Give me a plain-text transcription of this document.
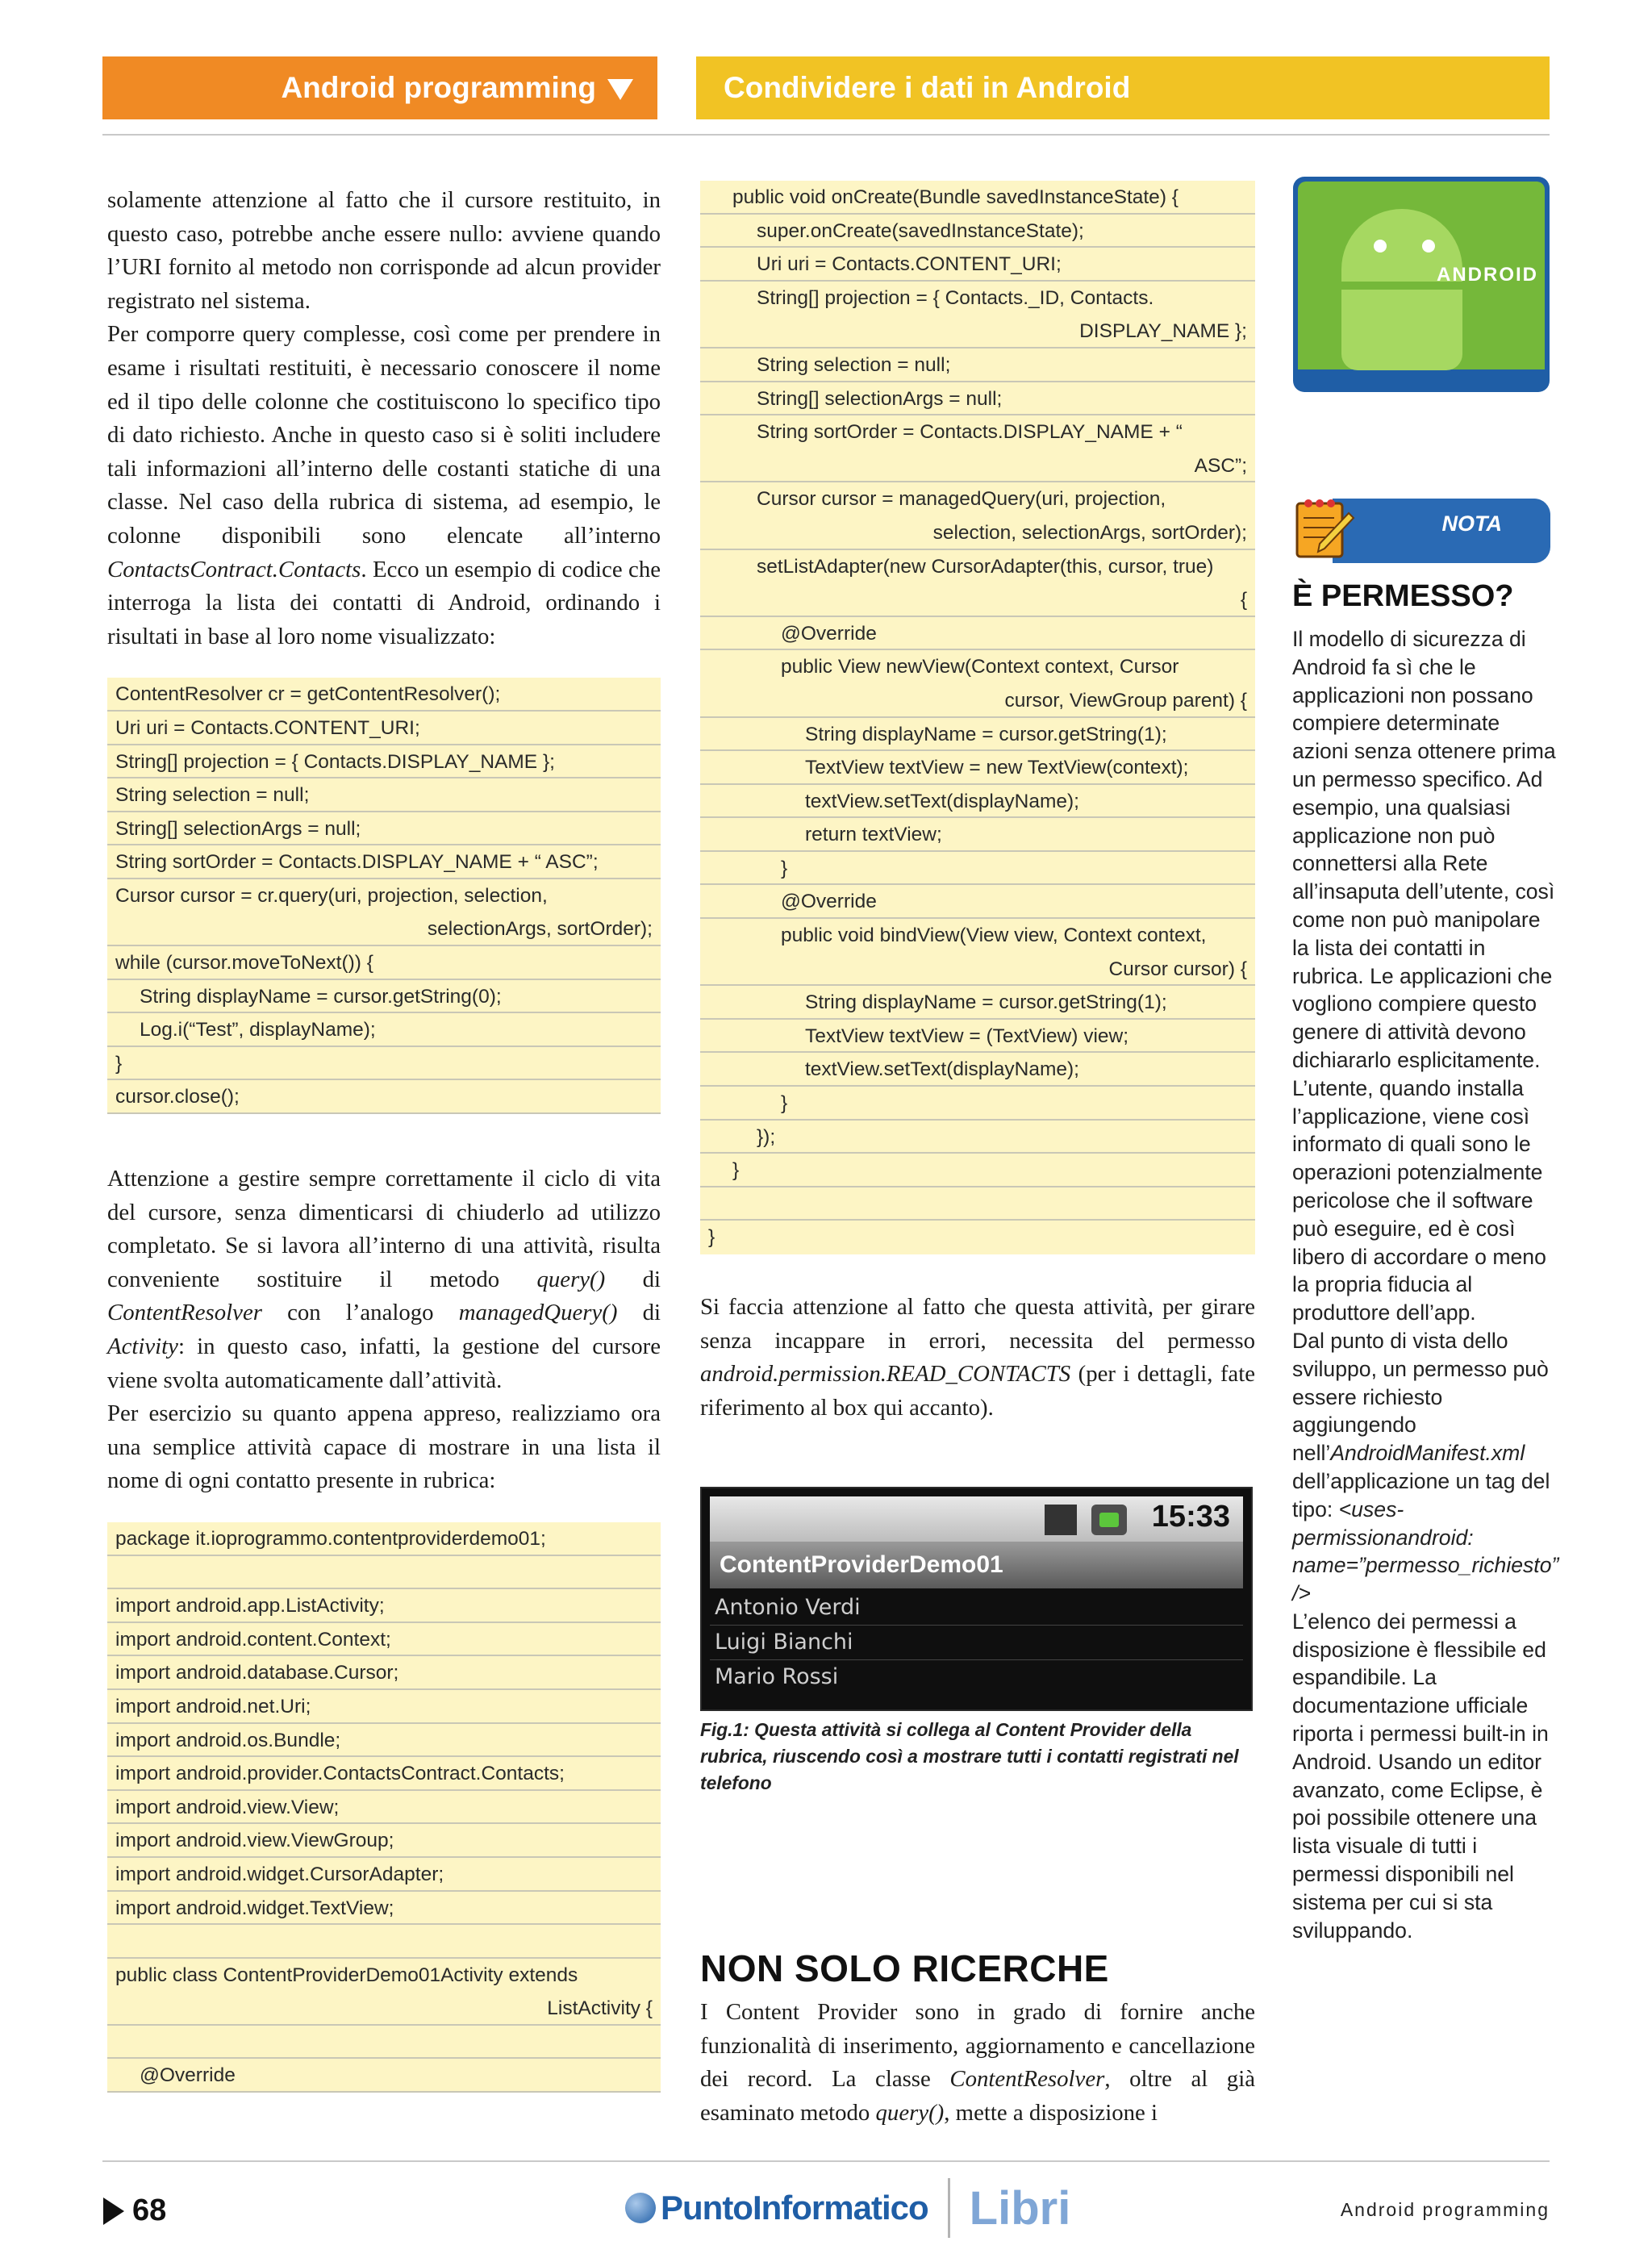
Android programming	Condividere i dati in Android

solamente attenzione al fatto che il cursore restituito, in questo caso, potrebbe anche essere nullo: avviene quando l’URI fornito al metodo non corrisponde ad alcun provider registrato nel sistema.

Per comporre query complesse, così come per prendere in esame i risultati restituiti, è necessario conoscere il nome ed il tipo delle colonne che costituiscono lo specifico tipo di dato richiesto. Anche in questo caso si è soliti includere tali informazioni all’interno delle costanti statiche di una classe. Nel caso della rubrica di sistema, ad esempio, le colonne disponibili sono elencate all’interno ContactsContract.Contacts. Ecco un esempio di codice che interroga la lista dei contatti di Android, ordinando i risultati in base al loro nome visualizzato:

ContentResolver cr = getContentResolver();
Uri uri = Contacts.CONTENT_URI;
String[] projection = { Contacts.DISPLAY_NAME };
String selection = null;
String[] selectionArgs = null;
String sortOrder = Contacts.DISPLAY_NAME + “ ASC”;
Cursor cursor = cr.query(uri, projection, selection,
selectionArgs, sortOrder);
while (cursor.moveToNext()) {
String displayName = cursor.getString(0);
Log.i(“Test”, displayName);
}
cursor.close();

Attenzione a gestire sempre correttamente il ciclo di vita del cursore, senza dimenticarsi di chiuderlo ad utilizzo completato. Se si lavora all’interno di una attività, risulta conveniente sostituire il metodo query() di ContentResolver con l’analogo managedQuery() di Activity: in questo caso, infatti, la gestione del cursore viene svolta automaticamente dall’attività.

Per esercizio su quanto appena appreso, realizziamo ora una semplice attività capace di mostrare in una lista il nome di ogni contatto presente in rubrica:

package it.ioprogrammo.contentproviderdemo01;
import android.app.ListActivity;
import android.content.Context;
import android.database.Cursor;
import android.net.Uri;
import android.os.Bundle;
import android.provider.ContactsContract.Contacts;
import android.view.View;
import android.view.ViewGroup;
import android.widget.CursorAdapter;
import android.widget.TextView;
public class ContentProviderDemo01Activity extends
ListActivity {
@Override
public void onCreate(Bundle savedInstanceState) {
super.onCreate(savedInstanceState);
Uri uri = Contacts.CONTENT_URI;
String[] projection = { Contacts._ID, Contacts.
DISPLAY_NAME };
String selection = null;
String[] selectionArgs = null;
String sortOrder = Contacts.DISPLAY_NAME + “
ASC”;
Cursor cursor = managedQuery(uri, projection,
selection, selectionArgs, sortOrder);
setListAdapter(new CursorAdapter(this, cursor, true)
{
@Override
public View newView(Context context, Cursor
cursor, ViewGroup parent) {
String displayName = cursor.getString(1);
TextView textView = new TextView(context);
textView.setText(displayName);
return textView;
}
@Override
public void bindView(View view, Context context,
Cursor cursor) {
String displayName = cursor.getString(1);
TextView textView = (TextView) view;
textView.setText(displayName);
}
});
}
}

Si faccia attenzione al fatto che questa attività, per girare senza incappare in errori, necessita del permesso android.permission.READ_CONTACTS (per i dettagli, fate riferimento al box qui accanto).

15:33
ContentProviderDemo01
Antonio Verdi
Luigi Bianchi
Mario Rossi
Fig.1: Questa attività si collega al Content Provider della rubrica, riuscendo così a mostrare tutti i contatti registrati nel telefono
NON SOLO RICERCHE

I Content Provider sono in grado di fornire anche funzionalità di inserimento, aggiornamento e cancellazione dei record. La classe ContentResolver, oltre al già esaminato metodo query(), mette a disposizione i

ANDROID
NOTA
È PERMESSO?

Il modello di sicurezza di Android fa sì che le applicazioni non possano compiere determinate azioni senza ottenere prima un permesso specifico. Ad esempio, una qualsiasi applicazione non può connettersi alla Rete all’insaputa dell’utente, così come non può manipolare la lista dei contatti in rubrica. Le applicazioni che vogliono compiere questo genere di attività devono dichiararlo esplicitamente. L’utente, quando installa l’applicazione, viene così informato di quali sono le operazioni potenzialmente pericolose che il software può eseguire, ed è così libero di accordare o meno la propria fiducia al produttore dell’app.

Dal punto di vista dello sviluppo, un permesso può essere richiesto aggiungendo nell’AndroidManifest.xml dell’applicazione un tag del tipo: <uses-permissionandroid: name=”permesso_richiesto” />

L’elenco dei permessi a disposizione è flessibile ed espandibile. La documentazione ufficiale riporta i permessi built-in in Android. Usando un editor avanzato, come Eclipse, è poi possibile ottenere una lista visuale di tutti i permessi disponibili nel sistema per cui si sta sviluppando.

68	PuntoInformatico Libri	Android programming
